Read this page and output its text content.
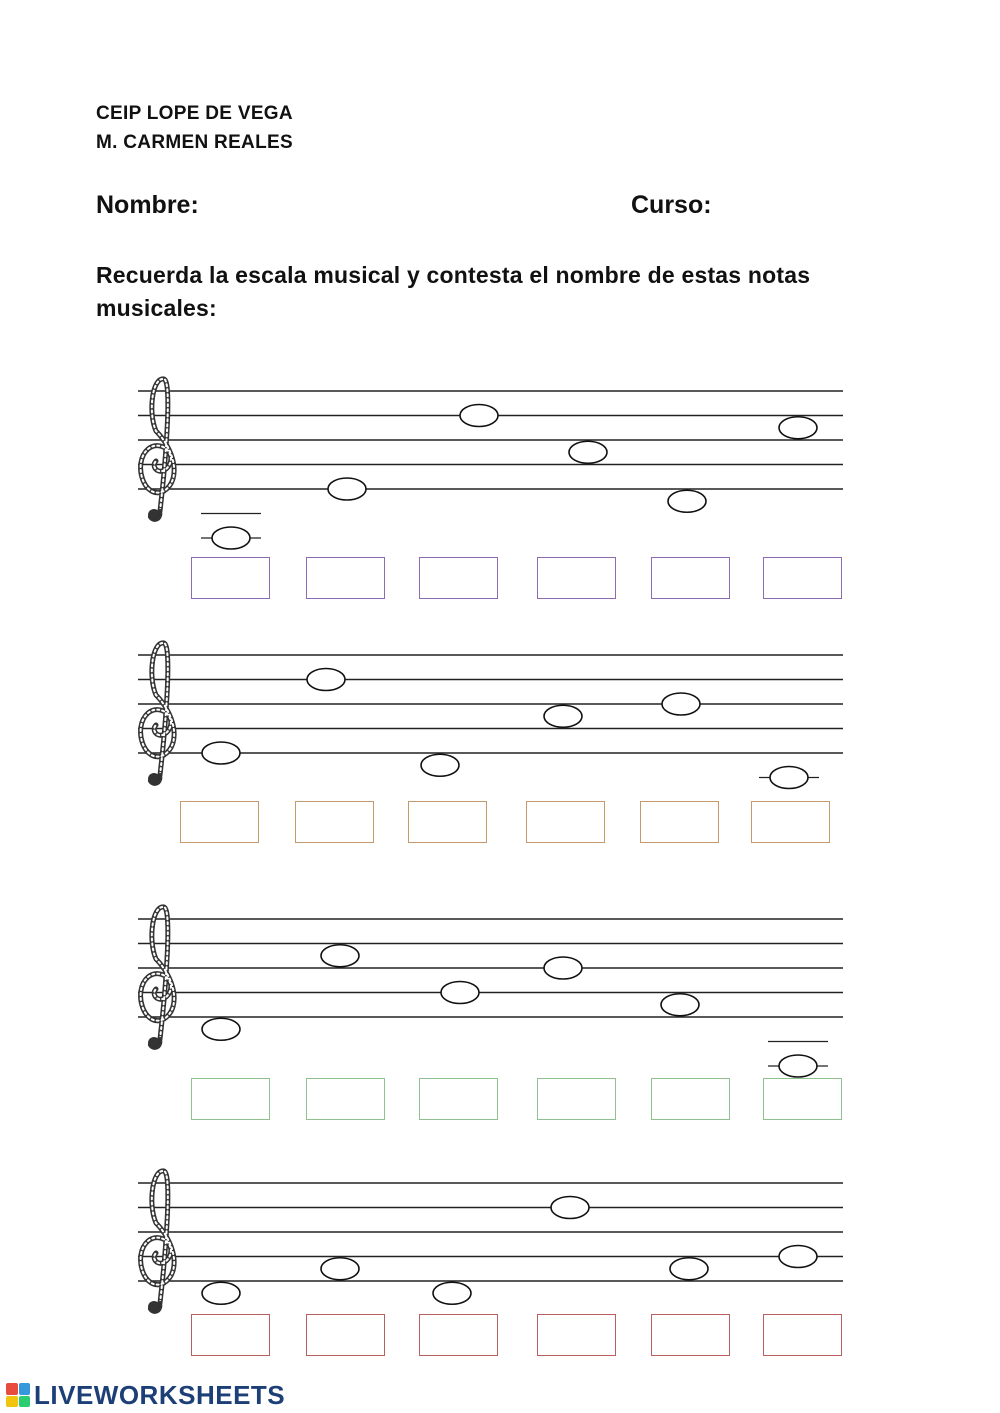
CEIP LOPE DE VEGA
M. CARMEN REALES
Nombre:	Curso:
Recuerda la escala musical y contesta el nombre de estas notas musicales:
LIVEWORKSHEETS
